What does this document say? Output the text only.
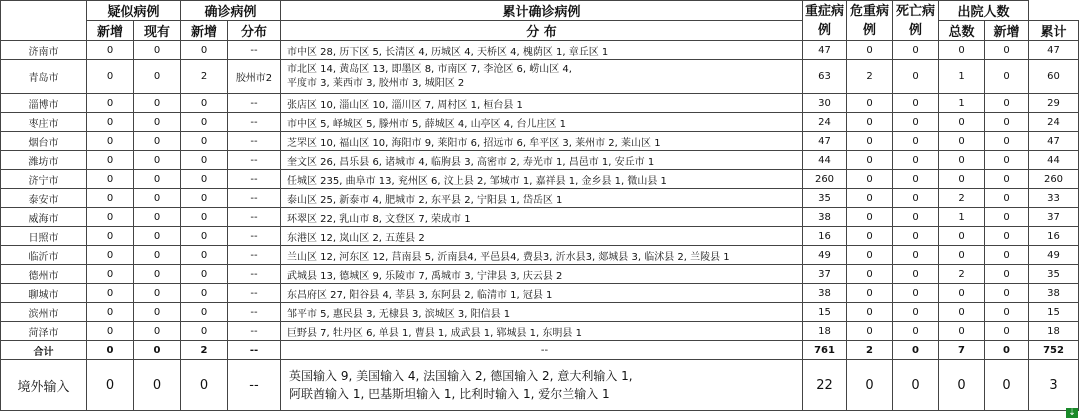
	疑似病例		确诊病例		累计确诊病例	重症病例	危重病例	死亡病例	出院人数		
	新增	现有	新增	分布	分 布				总数	新增	累计
济南市	0	0	0	--	市中区 28, 历下区 5, 长清区 4, 历城区 4, 天桥区 4, 槐荫区 1, 章丘区 1	47	0	0	0	0	47
青岛市	0	0	2	胶州市2	市北区 14, 黄岛区 13, 即墨区 8, 市南区 7, 李沧区 6, 崂山区 4,
平度市 3, 莱西市 3, 胶州市 3, 城阳区 2	63	2	0	1	0	60
淄博市	0	0	0	--	张店区 10, 淄山区 10, 淄川区 7, 周村区 1, 桓台县 1	30	0	0	1	0	29
枣庄市	0	0	0	--	市中区 5, 峄城区 5, 滕州市 5, 薛城区 4, 山亭区 4, 台儿庄区 1	24	0	0	0	0	24
烟台市	0	0	0	--	芝罘区 10, 福山区 10, 海阳市 9, 莱阳市 6, 招远市 6, 牟平区 3, 莱州市 2, 莱山区 1	47	0	0	0	0	47
潍坊市	0	0	0	--	奎文区 26, 昌乐县 6, 诸城市 4, 临朐县 3, 高密市 2, 寿光市 1, 昌邑市 1, 安丘市 1	44	0	0	0	0	44
济宁市	0	0	0	--	任城区 235, 曲阜市 13, 兖州区 6, 汶上县 2, 邹城市 1, 嘉祥县 1, 金乡县 1, 微山县 1	260	0	0	0	0	260
泰安市	0	0	0	--	泰山区 25, 新泰市 4, 肥城市 2, 东平县 2, 宁阳县 1, 岱岳区 1	35	0	0	2	0	33
威海市	0	0	0	--	环翠区 22, 乳山市 8, 文登区 7, 荣成市 1	38	0	0	1	0	37
日照市	0	0	0	--	东港区 12, 岚山区 2, 五莲县 2	16	0	0	0	0	16
临沂市	0	0	0	--	兰山区 12, 河东区 12, 莒南县 5, 沂南县4, 平邑县4, 费县3, 沂水县3, 郯城县 3, 临沭县 2, 兰陵县 1	49	0	0	0	0	49
德州市	0	0	0	--	武城县 13, 德城区 9, 乐陵市 7, 禹城市 3, 宁津县 3, 庆云县 2	37	0	0	2	0	35
聊城市	0	0	0	--	东昌府区 27, 阳谷县 4, 莘县 3, 东阿县 2, 临清市 1, 冠县 1	38	0	0	0	0	38
滨州市	0	0	0	--	邹平市 5, 惠民县 3, 无棣县 3, 滨城区 3, 阳信县 1	15	0	0	0	0	15
菏泽市	0	0	0	--	巨野县 7, 牡丹区 6, 单县 1, 曹县 1, 成武县 1, 郓城县 1, 东明县 1	18	0	0	0	0	18
合计	0	0	2	--	--	761	2	0	7	0	752
境外输入	0	0	0	--	英国输入 9, 美国输入 4, 法国输入 2, 德国输入 2, 意大利输入 1,
阿联酋输入 1, 巴基斯坦输入 1, 比利时输入 1, 爱尔兰输入 1	22	0	0	0	0	3
⇣
